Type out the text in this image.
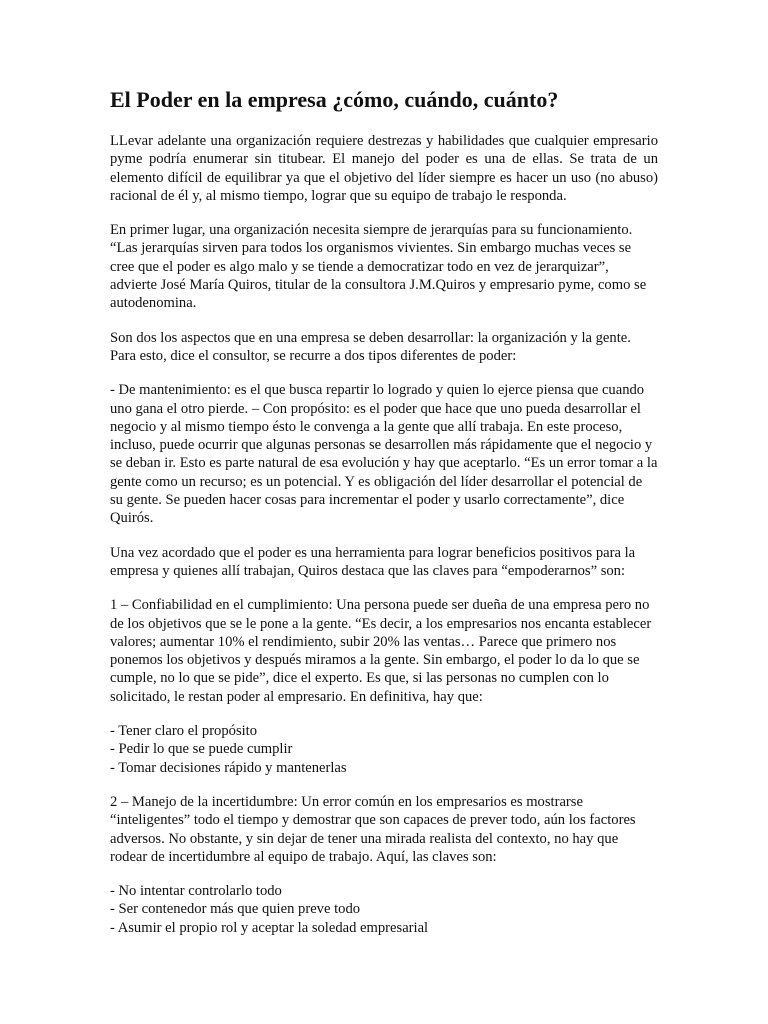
El Poder en la empresa ¿cómo, cuándo, cuánto?

LLevar adelante una organización requiere destrezas y habilidades que cualquier empresario pyme podría enumerar sin titubear. El manejo del poder es una de ellas. Se trata de un elemento difícil de equilibrar ya que el objetivo del líder siempre es hacer un uso (no abuso) racional de él y, al mismo tiempo, lograr que su equipo de trabajo le responda.

En primer lugar, una organización necesita siempre de jerarquías para su funcionamiento. “Las jerarquías sirven para todos los organismos vivientes. Sin embargo muchas veces se cree que el poder es algo malo y se tiende a democratizar todo en vez de jerarquizar”, advierte José María Quiros, titular de la consultora J.M.Quiros y empresario pyme, como se autodenomina.

Son dos los aspectos que en una empresa se deben desarrollar: la organización y la gente. Para esto, dice el consultor, se recurre a dos tipos diferentes de poder:

- De mantenimiento: es el que busca repartir lo logrado y quien lo ejerce piensa que cuando uno gana el otro pierde. – Con propósito: es el poder que hace que uno pueda desarrollar el negocio y al mismo tiempo ésto le convenga a la gente que allí trabaja. En este proceso, incluso, puede ocurrir que algunas personas se desarrollen más rápidamente que el negocio y se deban ir. Esto es parte natural de esa evolución y hay que aceptarlo. “Es un error tomar a la gente como un recurso; es un potencial. Y es obligación del líder desarrollar el potencial de su gente. Se pueden hacer cosas para incrementar el poder y usarlo correctamente”, dice Quirós.

Una vez acordado que el poder es una herramienta para lograr beneficios positivos para la empresa y quienes allí trabajan, Quiros destaca que las claves para “empoderarnos” son:

1 – Confiabilidad en el cumplimiento: Una persona puede ser dueña de una empresa pero no de los objetivos que se le pone a la gente. “Es decir, a los empresarios nos encanta establecer valores; aumentar 10% el rendimiento, subir 20% las ventas… Parece que primero nos ponemos los objetivos y después miramos a la gente. Sin embargo, el poder lo da lo que se cumple, no lo que se pide”, dice el experto. Es que, si las personas no cumplen con lo solicitado, le restan poder al empresario. En definitiva, hay que:

- Tener claro el propósito
- Pedir lo que se puede cumplir
- Tomar decisiones rápido y mantenerlas

2 – Manejo de la incertidumbre: Un error común en los empresarios es mostrarse “inteligentes” todo el tiempo y demostrar que son capaces de prever todo, aún los factores adversos. No obstante, y sin dejar de tener una mirada realista del contexto, no hay que rodear de incertidumbre al equipo de trabajo. Aquí, las claves son:

- No intentar controlarlo todo
- Ser contenedor más que quien preve todo
- Asumir el propio rol y aceptar la soledad empresarial
